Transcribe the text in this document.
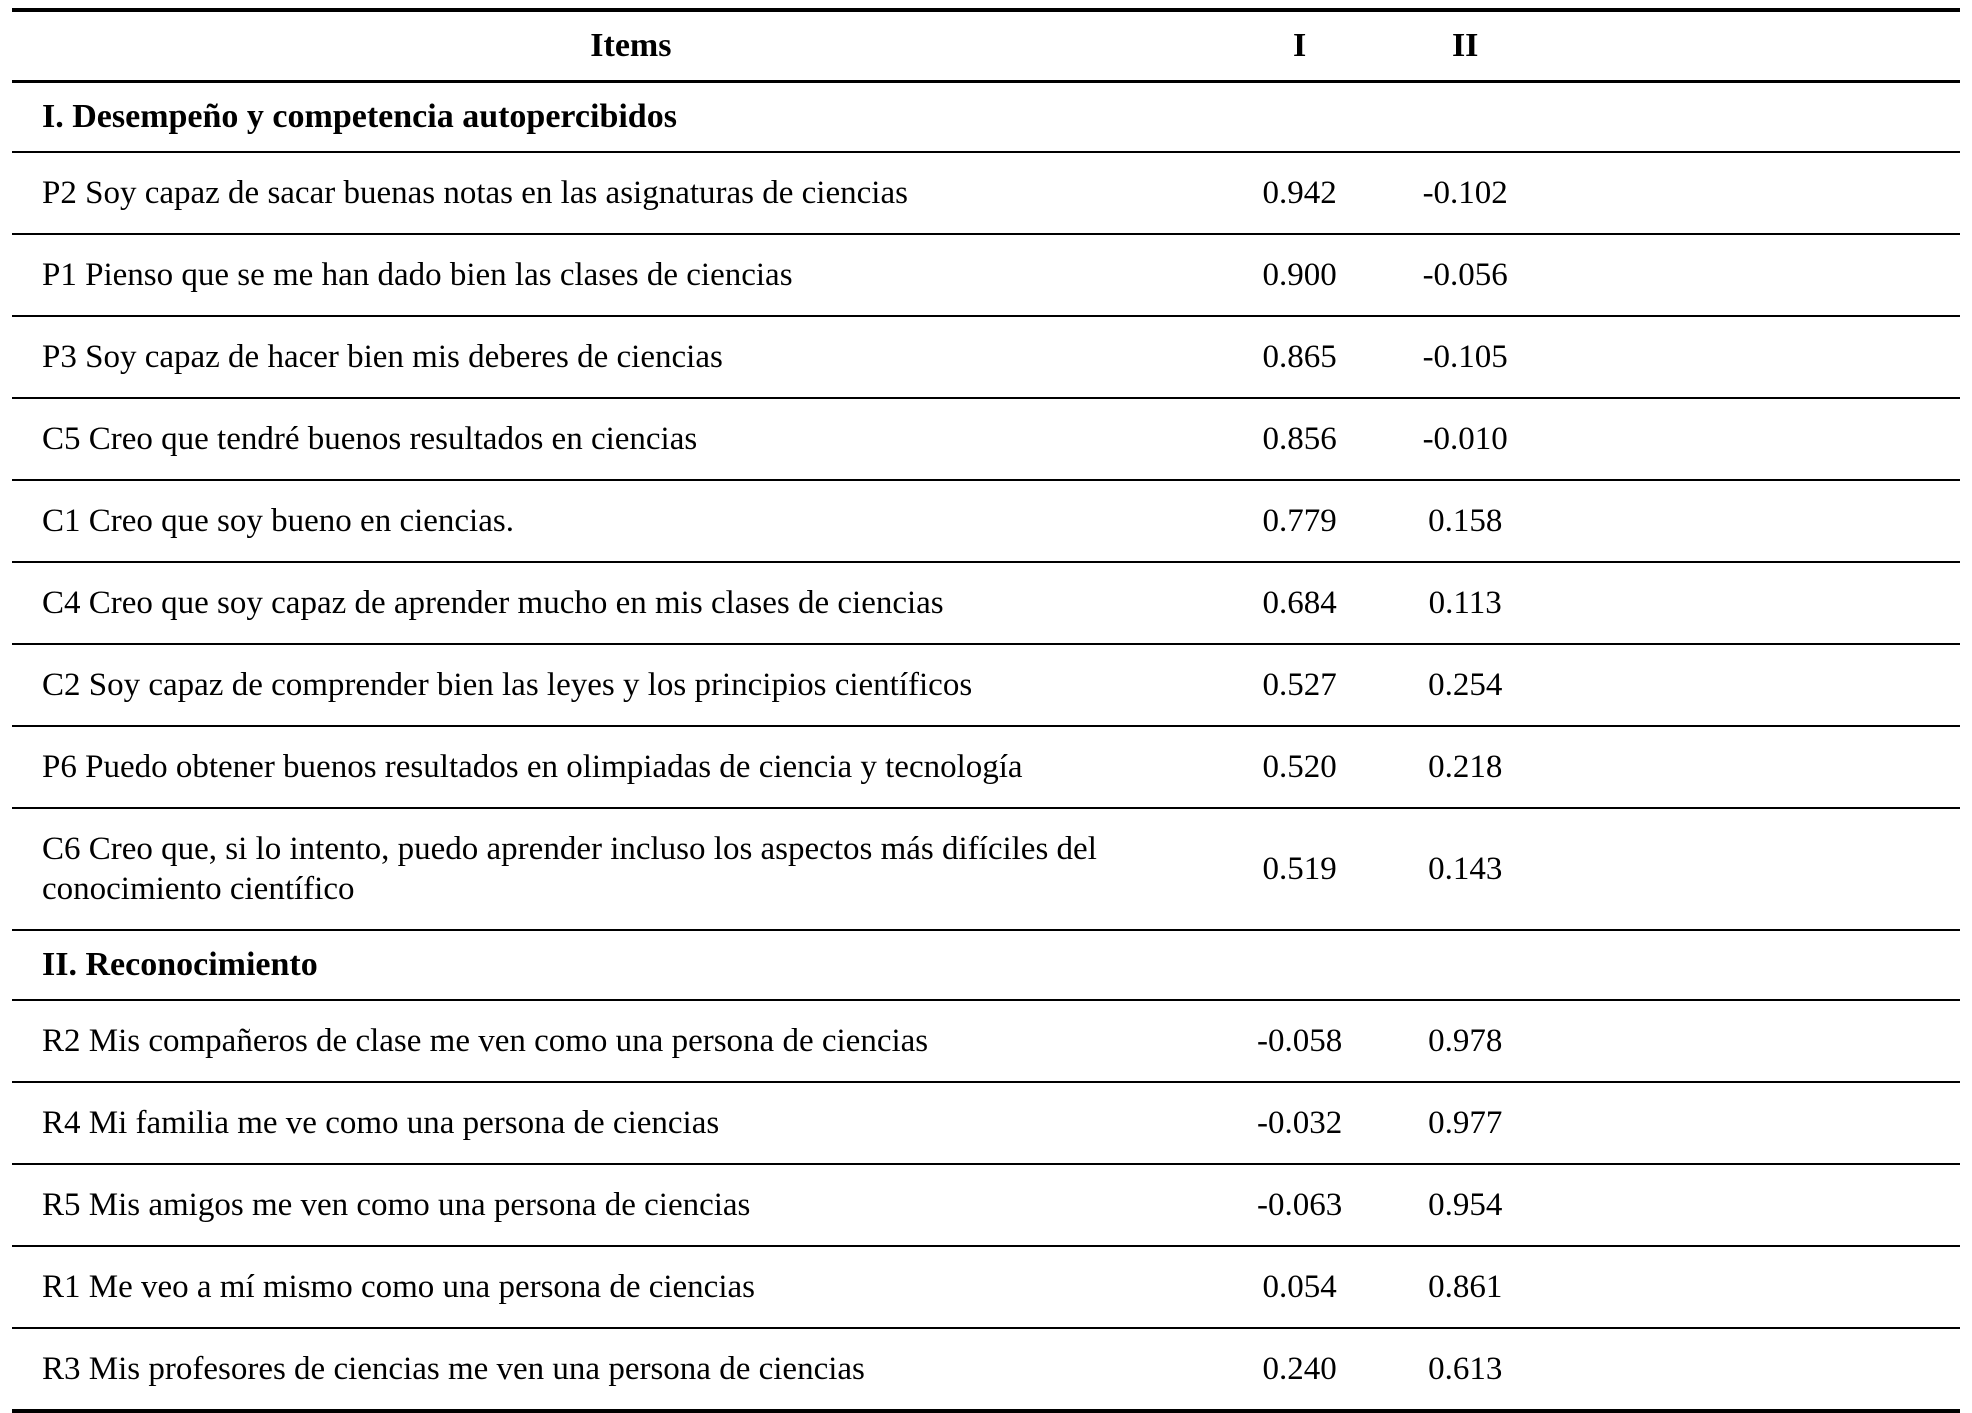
Items	I	II	
I. Desempeño y competencia autopercibidos			
P2 Soy capaz de sacar buenas notas en las asignaturas de ciencias	0.942	-0.102	
P1 Pienso que se me han dado bien las clases de ciencias	0.900	-0.056	
P3 Soy capaz de hacer bien mis deberes de ciencias	0.865	-0.105	
C5 Creo que tendré buenos resultados en ciencias	0.856	-0.010	
C1 Creo que soy bueno en ciencias.	0.779	0.158	
C4 Creo que soy capaz de aprender mucho en mis clases de ciencias	0.684	0.113	
C2 Soy capaz de comprender bien las leyes y los principios científicos	0.527	0.254	
P6 Puedo obtener buenos resultados en olimpiadas de ciencia y tecnología	0.520	0.218	
C6 Creo que, si lo intento, puedo aprender incluso los aspectos más difíciles del conocimiento científico	0.519	0.143	
II. Reconocimiento			
R2 Mis compañeros de clase me ven como una persona de ciencias	-0.058	0.978	
R4 Mi familia me ve como una persona de ciencias	-0.032	0.977	
R5 Mis amigos me ven como una persona de ciencias	-0.063	0.954	
R1 Me veo a mí mismo como una persona de ciencias	0.054	0.861	
R3 Mis profesores de ciencias me ven una persona de ciencias	0.240	0.613	
